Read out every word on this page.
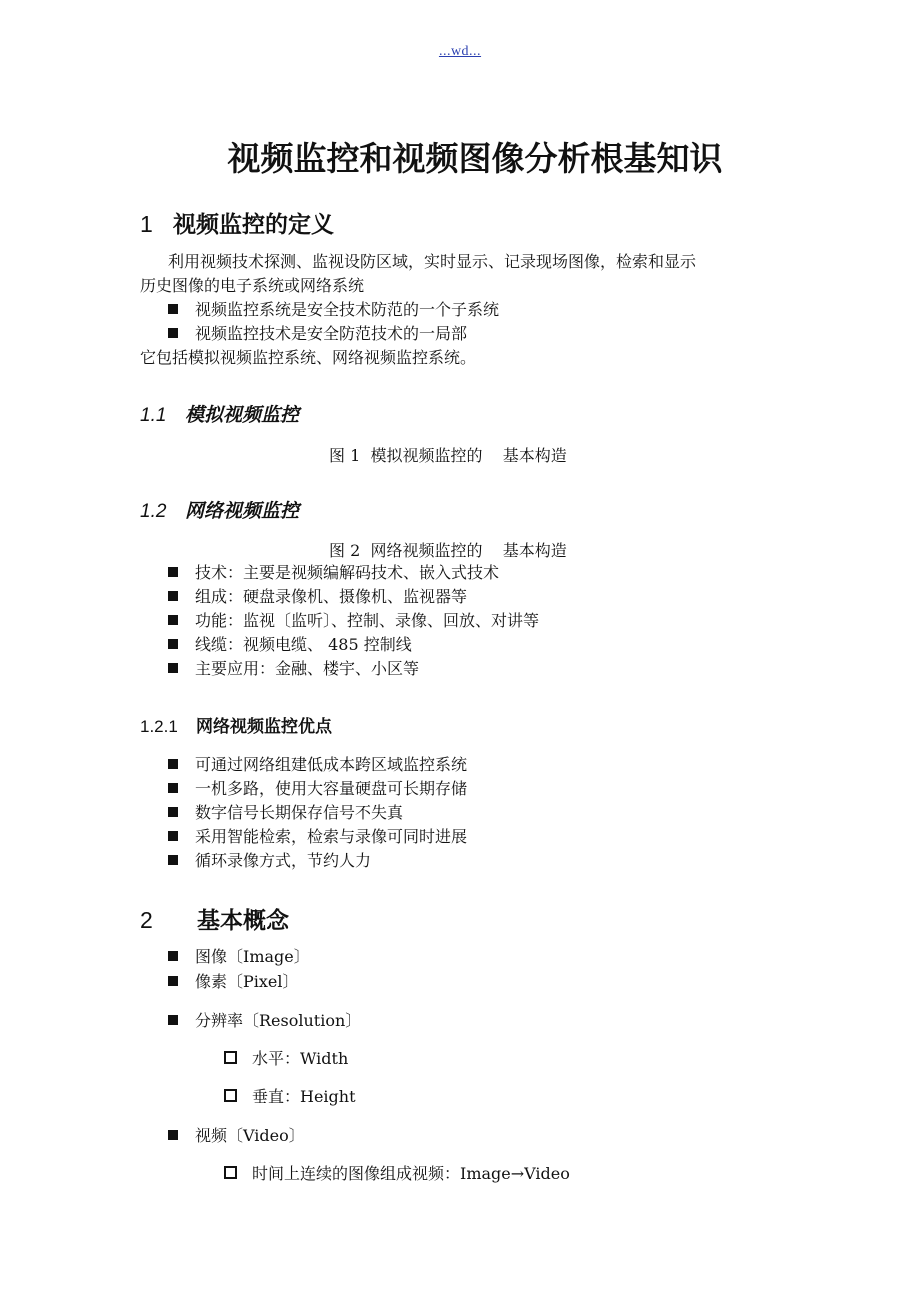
...wd...
视频监控和视频图像分析根基知识
1 视频监控的定义
利用视频技术探测、监视设防区域，实时显示、记录现场图像，检索和显示
历史图像的电子系统或网络系统
视频监控系统是安全技术防范的一个子系统
视频监控技术是安全防范技术的一局部
它包括模拟视频监控系统、网络视频监控系统。
1.1 模拟视频监控
图 1  模拟视频监控的    基本构造
1.2 网络视频监控
图 2  网络视频监控的    基本构造
技术：主要是视频编解码技术、嵌入式技术
组成：硬盘录像机、摄像机、监视器等
功能：监视〔监听〕、控制、录像、回放、对讲等
线缆：视频电缆、 485 控制线
主要应用：金融、楼宇、小区等
1.2.1 网络视频监控优点
可通过网络组建低成本跨区域监控系统
一机多路，使用大容量硬盘可长期存储
数字信号长期保存信号不失真
采用智能检索，检索与录像可同时进展
循环录像方式，节约人力
2 基本概念
图像〔Image〕
像素〔Pixel〕
分辨率〔Resolution〕
水平：Width
垂直：Height
视频〔Video〕
时间上连续的图像组成视频：Image→Video
